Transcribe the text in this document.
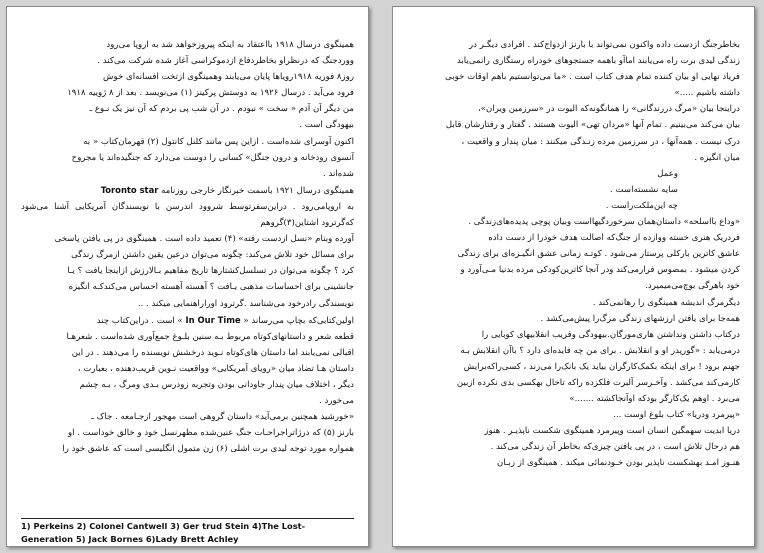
همینگوی درسال ۱۹۱۸ بااعتقاد به اینکه پیروزخواهد شد به اروپا می‌رود

ووردجنگ که درنظراو بخاطردفاع ازدموکراسی آغاز شده شرکت می‌کند .

روز۸ فوریه ۱۹۱۸رویاها پایان می‌یابند وهمینگوی ازتخت افسانه‌ای خوش

فرود می‌آید . درسال ۱۹۲۶ به دوستش پرکینز (۱) می‌نویسد . بعد از ۸ ژوییه ۱۹۱۸

من دیگر آن آدم « سخت » نبودم . در آن شب پی بردم که آن نیز یک نـوع ـ

بیهودگی است .

اکنون آوسرای شده‌است . ازاین پس مانند کلنل کانتول (۲) قهرمان‌کتاب « به

آنسوی رودخانه و درون جنگل» کسانی را دوست می‌دارد که جنگیده‌اند یا مجروح

شده‌اند .

همینگوی درسال ۱۹۲۱ باسمت خبرنگار خارجی روزنامه Toronto star

به اروپامی‌رود . دراین‌سفرتوسط شروود اندرسن با نویسندگان آمریکایی آشنا می‌شود که‌گرترود اشتاین(۳)گروهم

آورده وبنام «نسل ازدست رفته» (۴) تعمید داده است . همینگوی در پی یافتن پاسخی

برای مسائل خود تلاش می‌کند: چگونه می‌توان درعین یقین داشتن ازمرگ زندگی

کرد ؟ چگونه می‌توان در تسلسل‌کشتارها تاریخ مفاهیم بـالارزش ازاینجا یافت ؟ یـا

جانشینی برای احساسات مذهبی یـافت ؟ آهسته آهسته احساس می‌کندکـه انگیزه

نویسندگی رادرخود می‌شناسد .گرترود اوراراهنمایی میکند . ..

اولین‌کتابی‌که بچاپ می‌رساند « In Our Time » است . دراین‌کتاب چند

قطعه شعر و داستانهای‌کوتاه مربوط بـه سنین بلـوغ جمع‌آوری شده‌است . شعرهـا

اقبالی نمی‌یابند اما داستان های‌کوتاه نـوید درخشش نویسنده را می‌دهند . در این

داستان هـا تضاد میان «رویای آمریکایی» وواقعیت نـوین قریب‌دهنده ، بعبارت ،

دیگر ، اختلاف میان پندار جاودانی بودن وتجربه زودرس بـدی ومرگ ، بـه چشم

می‌خورد .

«خورشید همچنین برمی‌آید» داستان گروهی است مهجور ازجـامعه . جاک ـ

بارنز (۵) که درژاتراجراحـات جنگ عنین‌شده مظهرنسل خود و خالق خوداست . او

همواره مورد توجه لیدی برت اشلی (۶) زن متمول انگلیسی است که عاشق خود را

1) Perkeins 2) Colonel Cantwell 3) Ger trud Stein 4)The Lost-
Generation 5) Jack Bornes 6)Lady Brett Achley

بخاطرجنگ ازدست داده واکنون نمی‌تواند با بارنز ازدواج‌کند . افرادی دیگـر در

زندگی لیدی برت راه می‌یابند اماآو باهمه جستجوهای خودراه رستگاری رانمی‌یابد

فریاد نهایی او بیان کننده تمام هدف کتاب است . «ما می‌توانستیم باهم اوقات خوبی

داشته باشیم .....»

دراینجا بیان «مرگ دررندگانی» را همانگونه‌که الیوت در «سرزمین ویران»،

بیان می‌کند می‌بینیم . تمام آنها «مردان تهی» الیوت هستند . گفتار و رفتارشان قابل

درک نیست . همه‌آنها ، در سرزمین مرده زنـدگی میکنند : میان پندار و واقعیت ،

میان انگیزه .

وعمل

سایه نشسته‌است .

چه این‌ملکت‌راست .

«وداع بااسلحه» داستان‌همان سرخوردگیهااست وبیان پوچی پدیده‌های‌زندگی .

فردریک هنری خسته ووازده از جنگ‌که اصالت هدف خودرا از دست داده

عاشق کاترین باركلی پرستار می‌شود . کوتـه زمانی عشق انگیـزه‌ای برای زندگی

کردن میشود . بمصوس فرارمی‌کند ودر آنجا کاترین‌کودکی مرده بدنیا مـی‌آورد و

خود باهرگی بوچ‌می‌میمیرد.

دیگرمرگ اندیشه همینگوی را رهانمی‌کند .

همه‌جا برای یافتن ارزشهای زندگی مرگ‌را پیش‌می‌کشد .

درکتاب داشتن ونداشتن هاری‌مورگان‌.بیهودگی وفریب انقلابیهای کوبایی را

درمی‌یابد : «گورپدر او و انقلابش . برای من چه فایده‌ای دارد ؟ باآن انقلابش بـه

جهنم برود ! برای اینکه بکمک‌کارگران بیاید یک بانک‌را می‌زند ، کسی‌راکه‌برایش

کارمی‌کند می‌کشد . وآخـرسر آلبرت فلکزده راکه تاحال بهکسی بدی نکرده ازبین

می‌برد . اوهم یک‌کارگر بودکه اوآنجاکشته .......»

«پیرمرد ودریا» کتاب بلوغ اوست ...

دریا ابدیت سهمگین انسان است وپیرمرد همینگوی شکست ناپذیـر . هنوز

هم درحال تلاش است ، در پی یافتن چیزی‌که بخاطر آن زندگی می‌کند .

هنـوز امـد بهشکست ناپذیر بودن خـودنمائی میکند . همینگوی از زبـان
